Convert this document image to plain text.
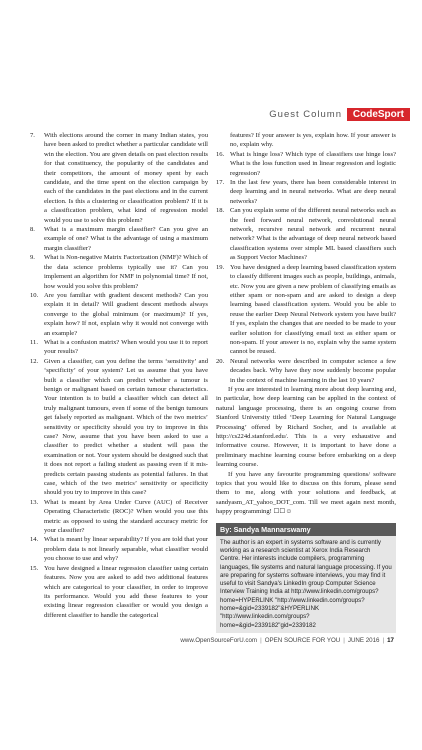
Guest Column	CodeSport

7. With elections around the corner in many Indian states, you have been asked to predict whether a particular candidate will win the election. You are given details on past election results for that constituency, the popularity of the candidates and their competitors, the amount of money spent by each candidate, and the time spent on the election campaign by each of the candidates in the past elections and in the current election. Is this a clustering or classification problem? If it is a classification problem, what kind of regression model would you use to solve this problem?

8. What is a maximum margin classifier? Can you give an example of one? What is the advantage of using a maximum margin classifier?

9. What is Non-negative Matrix Factorization (NMF)? Which of the data science problems typically use it? Can you implement an algorithm for NMF in polynomial time? If not, how would you solve this problem?

10. Are you familiar with gradient descent methods? Can you explain it in detail? Will gradient descent methods always converge to the global minimum (or maximum)? If yes, explain how? If not, explain why it would not converge with an example?

11. What is a confusion matrix? When would you use it to report your results?

12. Given a classifier, can you define the terms ‘sensitivity’ and ‘specificity’ of your system? Let us assume that you have built a classifier which can predict whether a tumour is benign or malignant based on certain tumour characteristics. Your intention is to build a classifier which can detect all truly malignant tumours, even if some of the benign tumours get falsely reported as malignant. Which of the two metrics’ sensitivity or specificity should you try to improve in this case? Now, assume that you have been asked to use a classifier to predict whether a student will pass the examination or not. Your system should be designed such that it does not report a failing student as passing even if it mis-predicts certain passing students as potential failures. In that case, which of the two metrics’ sensitivity or specificity should you try to improve in this case?

13. What is meant by Area Under Curve (AUC) of Receiver Operating Characteristic (ROC)? When would you use this metric as opposed to using the standard accuracy metric for your classifier?

14. What is meant by linear separability? If you are told that your problem data is not linearly separable, what classifier would you choose to use and why?

15. You have designed a linear regression classifier using certain features. Now you are asked to add two additional features which are categorical to your classifier, in order to improve its performance. Would you add these features to your existing linear regression classifier or would you design a different classifier to handle the categorical

features? If your answer is yes, explain how. If your answer is no, explain why.

16. What is hinge loss? Which type of classifiers use hinge loss? What is the loss function used in linear regression and logistic regression?

17. In the last few years, there has been considerable interest in deep learning and in neural networks. What are deep neural networks?

18. Can you explain some of the different neural networks such as the feed forward neural network, convolutional neural network, recursive neural network and recurrent neural network? What is the advantage of deep neural network based classification systems over simple ML based classifiers such as Support Vector Machines?

19. You have designed a deep learning based classification system to classify different images such as people, buildings, animals, etc. Now you are given a new problem of classifying emails as either spam or non-spam and are asked to design a deep learning based classification system. Would you be able to reuse the earlier Deep Neural Network system you have built? If yes, explain the changes that are needed to be made to your earlier solution for classifying email text as either spam or non-spam. If your answer is no, explain why the same system cannot be reused.

20. Neural networks were described in computer science a few decades back. Why have they now suddenly become popular in the context of machine learning in the last 10 years?

If you are interested in learning more about deep learning and, in particular, how deep learning can be applied in the context of natural language processing, there is an ongoing course from Stanford University titled ‘Deep Learning for Natural Language Processing’ offered by Richard Socher, and is available at http://cs224d.stanford.edu/. This is a very exhaustive and informative course. However, it is important to have done a preliminary machine learning course before embarking on a deep learning course.

If you have any favourite programming questions/ software topics that you would like to discuss on this forum, please send them to me, along with your solutions and feedback, at sandyasm_AT_yahoo_DOT_com. Till we meet again next month, happy programming! ☐☐☺

By: Sandya Mannarswamy
The author is an expert in systems software and is currently working as a research scientist at Xerox India Research Centre. Her interests include compilers, programming languages, file systems and natural language processing. If you are preparing for systems software interviews, you may find it useful to visit Sandya's LinkedIn group Computer Science Interview Training India at http://www.linkedin.com/groups?home=HYPERLINK "http://www.linkedin.com/groups?home=&gid=2339182"&HYPERLINK "http://www.linkedin.com/groups?home=&gid=2339182"gid=2339182
www.OpenSourceForU.com | OPEN SOURCE FOR YOU | JUNE 2016 | 17
